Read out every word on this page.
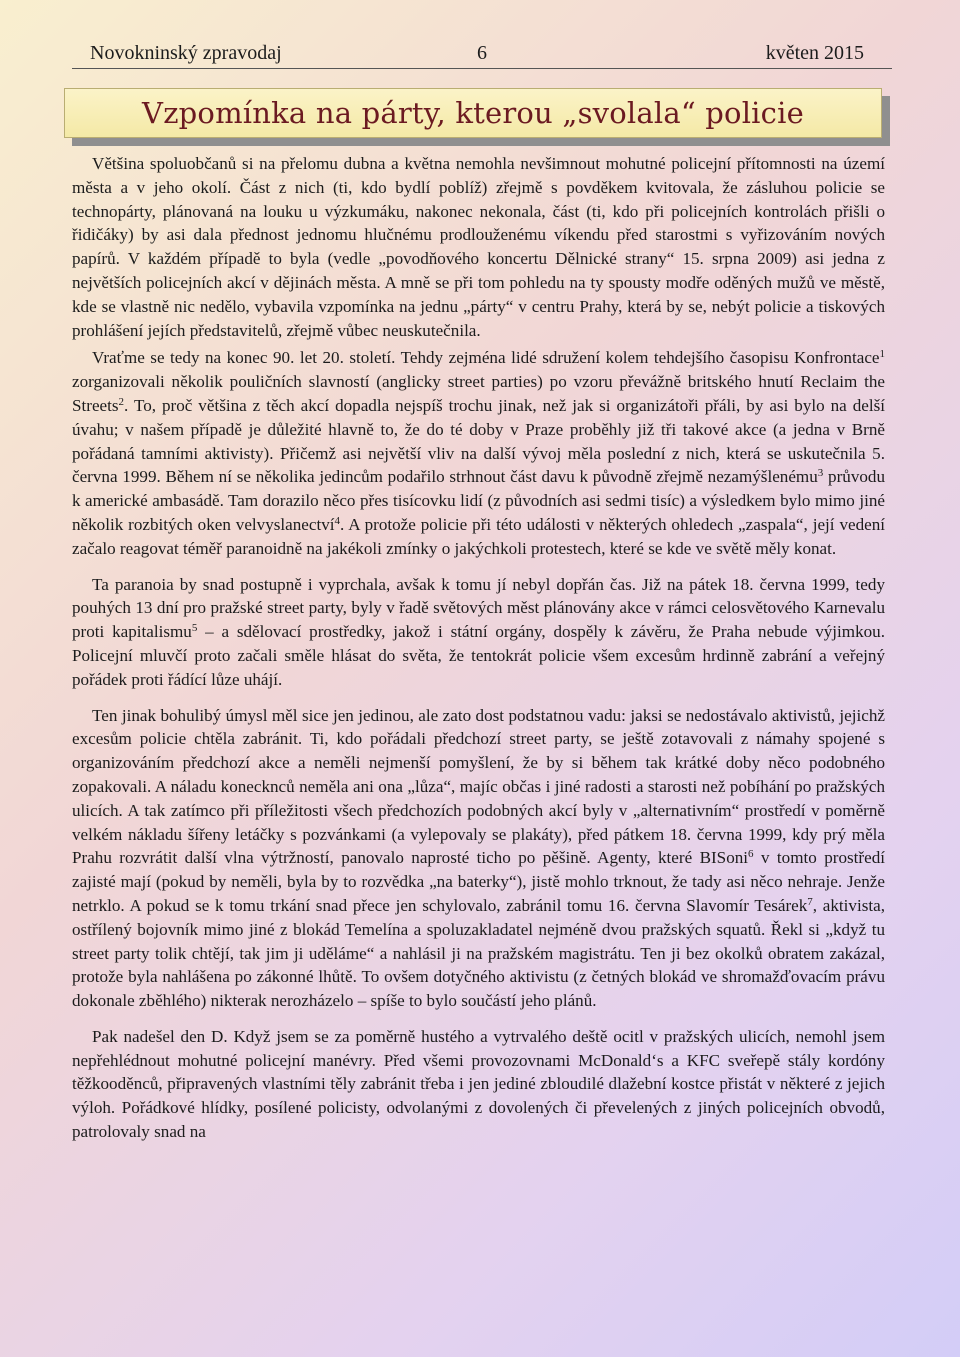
Novokninský zpravodaj	6	květen 2015
Vzpomínka na párty, kterou „svolala“ policie

Většina spoluobčanů si na přelomu dubna a května nemohla nevšimnout mohutné policejní přítomnosti na území města a v jeho okolí. Část z nich (ti, kdo bydlí poblíž) zřejmě s povděkem kvitovala, že zásluhou policie se technopárty, plánovaná na louku u výzkumáku, nakonec nekonala, část (ti, kdo při policejních kontrolách přišli o řidičáky) by asi dala přednost jednomu hlučnému prodlouženému víkendu před starostmi s vyřizováním nových papírů. V každém případě to byla (vedle „povodňového koncertu Dělnické strany“ 15. srpna 2009) asi jedna z největších policejních akcí v dějinách města. A mně se při tom pohledu na ty spousty modře oděných mužů ve městě, kde se vlastně nic nedělo, vybavila vzpomínka na jednu „párty“ v centru Prahy, která by se, nebýt policie a tiskových prohlášení jejích představitelů, zřejmě vůbec neuskutečnila.

Vraťme se tedy na konec 90. let 20. století. Tehdy zejména lidé sdružení kolem tehdejšího časopisu Konfrontace$^1$ zorganizovali několik pouličních slavností (anglicky street parties) po vzoru převážně britského hnutí Reclaim the Streets$^2$. To, proč většina z těch akcí dopadla nejspíš trochu jinak, než jak si organizátoři přáli, by asi bylo na delší úvahu; v našem případě je důležité hlavně to, že do té doby v Praze proběhly již tři takové akce (a jedna v Brně pořádaná tamními aktivisty). Přičemž asi největší vliv na další vývoj měla poslední z nich, která se uskutečnila 5. června 1999. Během ní se několika jedincům podařilo strhnout část davu k původně zřejmě nezamýšlenému$^3$ průvodu k americké ambasádě. Tam dorazilo něco přes tisícovku lidí (z původních asi sedmi tisíc) a výsledkem bylo mimo jiné několik rozbitých oken velvyslanectví$^4$. A protože policie při této události v některých ohledech „zaspala“, její vedení začalo reagovat téměř paranoidně na jakékoli zmínky o jakýchkoli protestech, které se kde ve světě měly konat.

Ta paranoia by snad postupně i vyprchala, avšak k tomu jí nebyl dopřán čas. Již na pátek 18. června 1999, tedy pouhých 13 dní pro pražské street party, byly v řadě světových měst plánovány akce v rámci celosvětového Karnevalu proti kapitalismu$^5$ – a sdělovací prostředky, jakož i státní orgány, dospěly k závěru, že Praha nebude výjimkou. Policejní mluvčí proto začali směle hlásat do světa, že tentokrát policie všem excesům hrdinně zabrání a veřejný pořádek proti řádící lůze uhájí.

Ten jinak bohulibý úmysl měl sice jen jedinou, ale zato dost podstatnou vadu: jaksi se nedostávalo aktivistů, jejichž excesům policie chtěla zabránit. Ti, kdo pořádali předchozí street party, se ještě zotavovali z námahy spojené s organizováním předchozí akce a neměli nejmenší pomyšlení, že by si během tak krátké doby něco podobného zopakovali. A náladu konecknců neměla ani ona „lůza“, majíc občas i jiné radosti a starosti než pobíhání po pražských ulicích. A tak zatímco při příležitosti všech předchozích podobných akcí byly v „alternativním“ prostředí v poměrně velkém nákladu šířeny letáčky s pozvánkami (a vylepovaly se plakáty), před pátkem 18. června 1999, kdy prý měla Prahu rozvrátit další vlna výtržností, panovalo naprosté ticho po pěšině. Agenty, které BISoni$^6$ v tomto prostředí zajisté mají (pokud by neměli, byla by to rozvědka „na baterky“), jistě mohlo trknout, že tady asi něco nehraje. Jenže netrklo. A pokud se k tomu trkání snad přece jen schylovalo, zabránil tomu 16. června Slavomír Tesárek$^7$, aktivista, ostřílený bojovník mimo jiné z blokád Temelína a spoluzakladatel nejméně dvou pražských squatů. Řekl si „když tu street party tolik chtějí, tak jim ji uděláme“ a nahlásil ji na pražském magistrátu. Ten ji bez okolků obratem zakázal, protože byla nahlášena po zákonné lhůtě. To ovšem dotyčného aktivistu (z četných blokád ve shromažďovacím právu dokonale zběhlého) nikterak nerozházelo – spíše to bylo součástí jeho plánů.

Pak nadešel den D. Když jsem se za poměrně hustého a vytrvalého deště ocitl v pražských ulicích, nemohl jsem nepřehlédnout mohutné policejní manévry. Před všemi provozovnami McDonald‘s a KFC sveřepě stály kordóny těžkooděnců, připravených vlastními těly zabránit třeba i jen jediné zbloudilé dlažební kostce přistát v některé z jejich výloh. Pořádkové hlídky, posílené policisty, odvolanými z dovolených či převelených z jiných policejních obvodů, patrolovaly snad na
